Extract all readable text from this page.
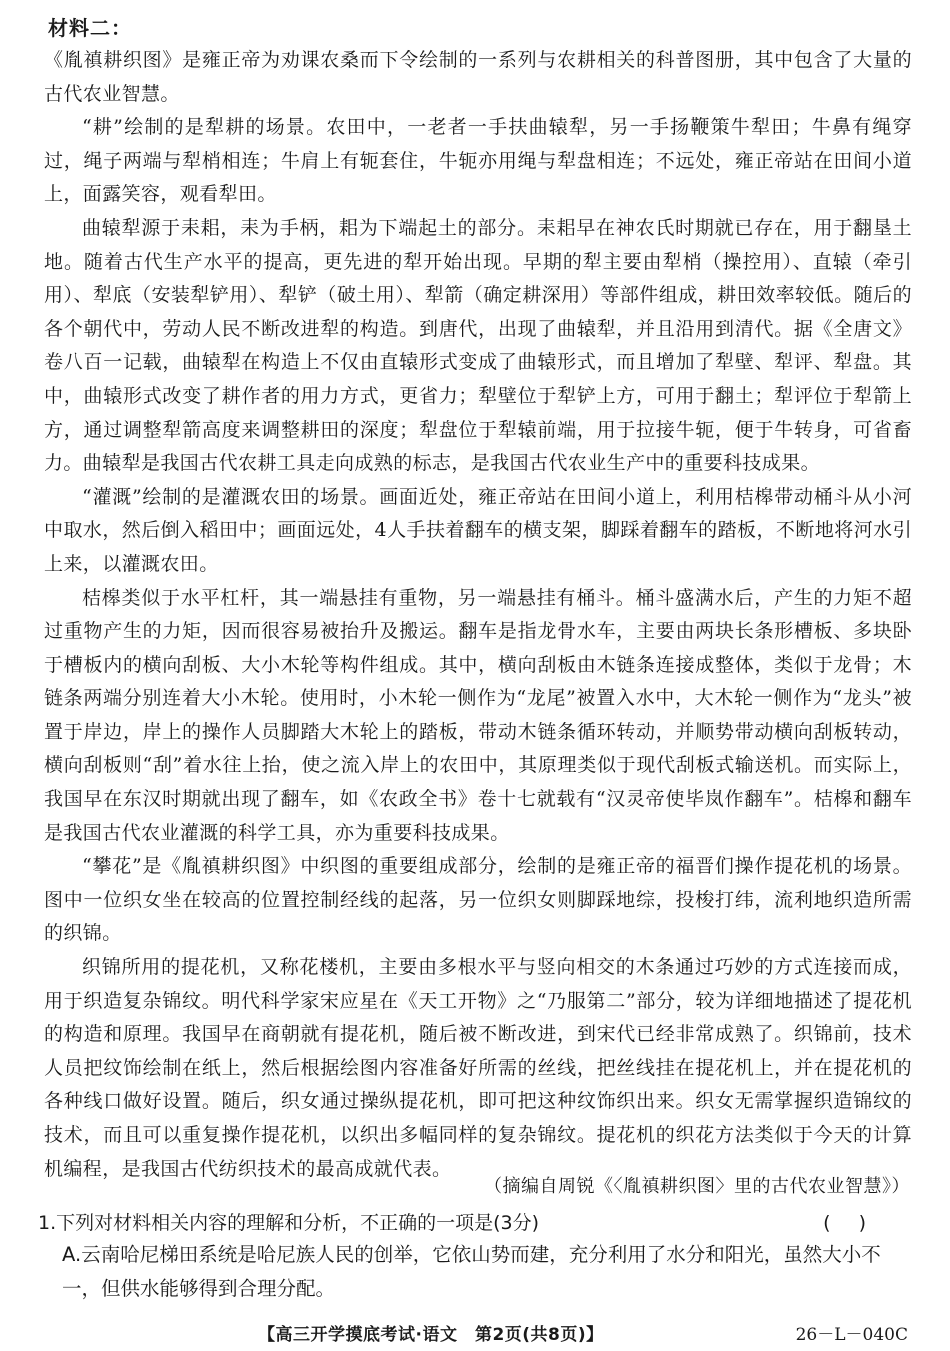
材料二：

《胤禛耕织图》是雍正帝为劝课农桑而下令绘制的一系列与农耕相关的科普图册，其中包含了大量的古代农业智慧。

“耕”绘制的是犁耕的场景。农田中，一老者一手扶曲辕犁，另一手扬鞭策牛犁田；牛鼻有绳穿过，绳子两端与犁梢相连；牛肩上有轭套住，牛轭亦用绳与犁盘相连；不远处，雍正帝站在田间小道上，面露笑容，观看犁田。

曲辕犁源于耒耜，耒为手柄，耜为下端起土的部分。耒耜早在神农氏时期就已存在，用于翻垦土地。随着古代生产水平的提高，更先进的犁开始出现。早期的犁主要由犁梢（操控用）、直辕（牵引用）、犁底（安装犁铲用）、犁铲（破土用）、犁箭（确定耕深用）等部件组成，耕田效率较低。随后的各个朝代中，劳动人民不断改进犁的构造。到唐代，出现了曲辕犁，并且沿用到清代。据《全唐文》卷八百一记载，曲辕犁在构造上不仅由直辕形式变成了曲辕形式，而且增加了犁壁、犁评、犁盘。其中，曲辕形式改变了耕作者的用力方式，更省力；犁壁位于犁铲上方，可用于翻土；犁评位于犁箭上方，通过调整犁箭高度来调整耕田的深度；犁盘位于犁辕前端，用于拉接牛轭，便于牛转身，可省畜力。曲辕犁是我国古代农耕工具走向成熟的标志，是我国古代农业生产中的重要科技成果。

“灌溉”绘制的是灌溉农田的场景。画面近处，雍正帝站在田间小道上，利用桔槔带动桶斗从小河中取水，然后倒入稻田中；画面远处，4人手扶着翻车的横支架，脚踩着翻车的踏板，不断地将河水引上来，以灌溉农田。

桔槔类似于水平杠杆，其一端悬挂有重物，另一端悬挂有桶斗。桶斗盛满水后，产生的力矩不超过重物产生的力矩，因而很容易被抬升及搬运。翻车是指龙骨水车，主要由两块长条形槽板、多块卧于槽板内的横向刮板、大小木轮等构件组成。其中，横向刮板由木链条连接成整体，类似于龙骨；木链条两端分别连着大小木轮。使用时，小木轮一侧作为“龙尾”被置入水中，大木轮一侧作为“龙头”被置于岸边，岸上的操作人员脚踏大木轮上的踏板，带动木链条循环转动，并顺势带动横向刮板转动，横向刮板则“刮”着水往上抬，使之流入岸上的农田中，其原理类似于现代刮板式输送机。而实际上，我国早在东汉时期就出现了翻车，如《农政全书》卷十七就载有“汉灵帝使毕岚作翻车”。桔槔和翻车是我国古代农业灌溉的科学工具，亦为重要科技成果。

“攀花”是《胤禛耕织图》中织图的重要组成部分，绘制的是雍正帝的福晋们操作提花机的场景。图中一位织女坐在较高的位置控制经线的起落，另一位织女则脚踩地综，投梭打纬，流利地织造所需的织锦。

织锦所用的提花机，又称花楼机，主要由多根水平与竖向相交的木条通过巧妙的方式连接而成，用于织造复杂锦纹。明代科学家宋应星在《天工开物》之“乃服第二”部分，较为详细地描述了提花机的构造和原理。我国早在商朝就有提花机，随后被不断改进，到宋代已经非常成熟了。织锦前，技术人员把纹饰绘制在纸上，然后根据绘图内容准备好所需的丝线，把丝线挂在提花机上，并在提花机的各种线口做好设置。随后，织女通过操纵提花机，即可把这种纹饰织出来。织女无需掌握织造锦纹的技术，而且可以重复操作提花机，以织出多幅同样的复杂锦纹。提花机的织花方法类似于今天的计算机编程，是我国古代纺织技术的最高成就代表。

（摘编自周锐《〈胤禛耕织图〉里的古代农业智慧》）
1.下列对材料相关内容的理解和分析，不正确的一项是(3分)	()
A.云南哈尼梯田系统是哈尼族人民的创举，它依山势而建，充分利用了水分和阳光，虽然大小不一，但供水能够得到合理分配。
【高三开学摸底考试·语文　第2页(共8页)】	26－L－040C
